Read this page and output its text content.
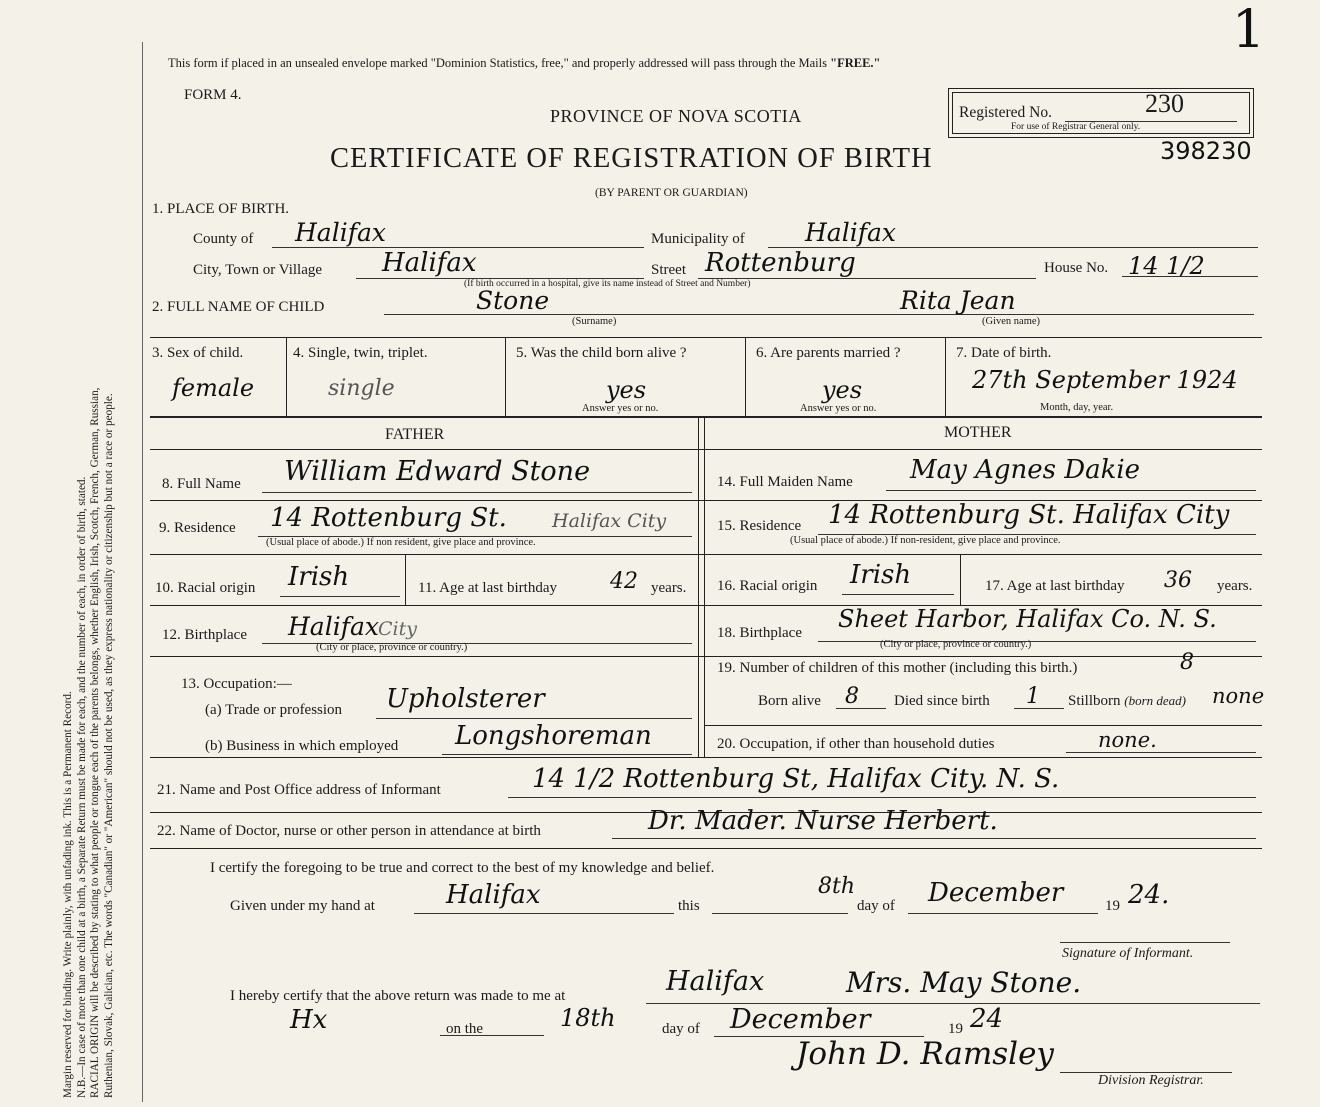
Margin reserved for binding. Write plainly, with unfading ink. This is a Permanent Record. N.B.—In case of more than one child at a birth, a Separate Return must be made for each, and the number of each, in order of birth, stated. RACIAL ORIGIN will be described by stating to what people or tongue each of the parents belongs, whether English, Irish, Scotch, French, German, Russian, Ruthenian, Slovak, Galician, etc. The words "Canadian" or "American" should not be used, as they express nationality or citizenship but not a race or people.
1
This form if placed in an unsealed envelope marked "Dominion Statistics, free," and properly addressed will pass through the Mails "FREE."
FORM 4.
PROVINCE OF NOVA SCOTIA
CERTIFICATE OF REGISTRATION OF BIRTH
(BY PARENT OR GUARDIAN)
Registered No.	230
For use of Registrar General only.
398230
1. PLACE OF BIRTH.
County of Halifax	Municipality of Halifax
City, Town or Village Halifax	Street Rottenburg	House No. 14 1/2
(If birth occurred in a hospital, give its name instead of Street and Number)
2. FULL NAME OF CHILD	Stone
(Surname)
Rita Jean
(Given name)
3. Sex of child.
female
4. Single, twin, triplet.
single
5. Was the child born alive ?
yes
Answer yes or no.
6. Are parents married ?
yes
Answer yes or no.
7. Date of birth.
27th September 1924
Month, day, year.
FATHER	MOTHER
8. Full Name William Edward Stone
9. Residence 14 Rottenburg St. Halifax City
(Usual place of abode.) If non resident, give place and province.
10. Racial origin Irish	11. Age at last birthday 42 years.
12. Birthplace Halifax City
(City or place, province or country.)
13. Occupation:—
(a) Trade or profession Upholsterer
(b) Business in which employed Longshoreman
14. Full Maiden Name May Agnes Dakie
15. Residence 14 Rottenburg St. Halifax City
(Usual place of abode.) If non-resident, give place and province.
16. Racial origin Irish	17. Age at last birthday 36 years.
18. Birthplace Sheet Harbor, Halifax Co. N. S.
(City or place, province or country.)
19. Number of children of this mother (including this birth.)	8
Born alive 8 Died since birth 1 Stillborn (born dead) none
20. Occupation, if other than household duties	none.
21. Name and Post Office address of Informant	14 1/2 Rottenburg St, Halifax City. N. S.
22. Name of Doctor, nurse or other person in attendance at birth	Dr. Mader. Nurse Herbert.
I certify the foregoing to be true and correct to the best of my knowledge and belief.
Given under my hand at	Halifax	this
8th
day of December	19 24.
Signature of Informant.
I hereby certify that the above return was made to me at	Halifax	Mrs. May Stone.
Hx	on the	18th	day of December	19 24
John D. Ramsley
Division Registrar.
